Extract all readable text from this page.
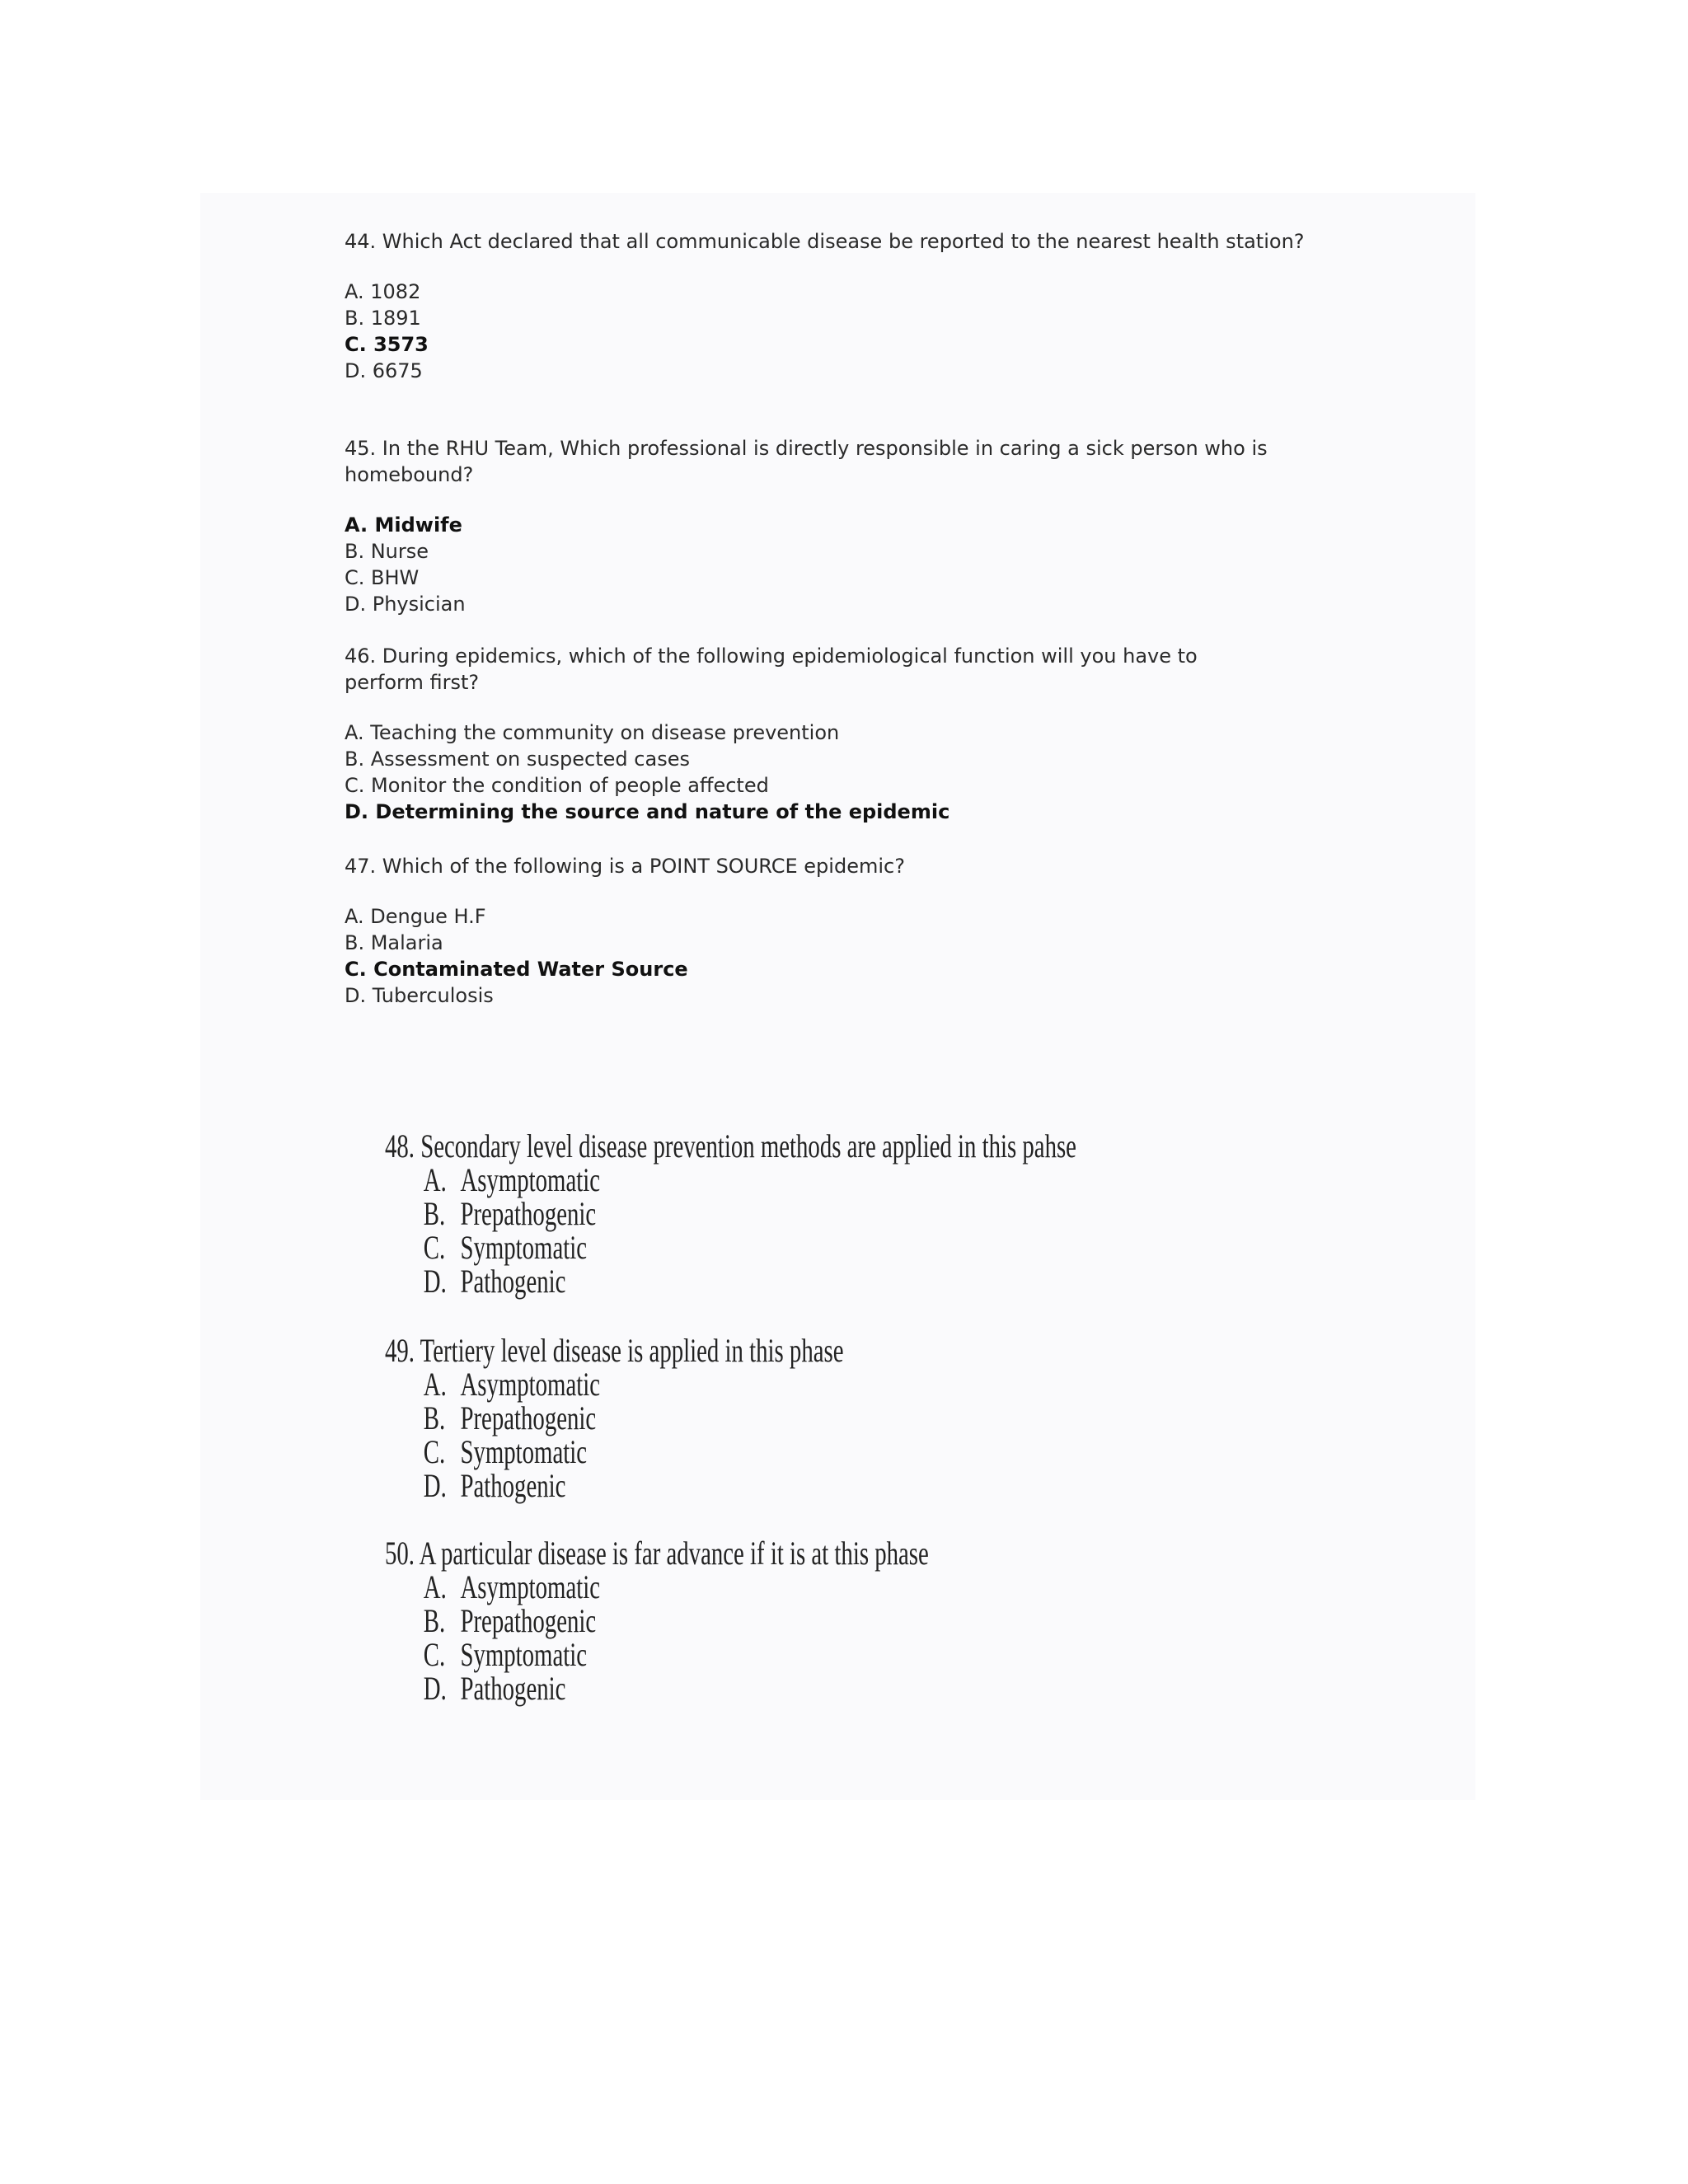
44. Which Act declared that all communicable disease be reported to the nearest health station?
A. 1082
B. 1891
C. 3573
D. 6675
45. In the RHU Team, Which professional is directly responsible in caring a sick person who is homebound?
A. Midwife
B. Nurse
C. BHW
D. Physician
46. During epidemics, which of the following epidemiological function will you have to perform first?
A. Teaching the community on disease prevention
B. Assessment on suspected cases
C. Monitor the condition of people affected
D. Determining the source and nature of the epidemic
47. Which of the following is a POINT SOURCE epidemic?
A. Dengue H.F
B. Malaria
C. Contaminated Water Source
D. Tuberculosis
48. Secondary level disease prevention methods are applied in this pahse
A. Asymptomatic
B. Prepathogenic
C. Symptomatic
D. Pathogenic
49. Tertiery level disease is applied in this phase
A. Asymptomatic
B. Prepathogenic
C. Symptomatic
D. Pathogenic
50. A particular disease is far advance if it is at this phase
A. Asymptomatic
B. Prepathogenic
C. Symptomatic
D. Pathogenic
